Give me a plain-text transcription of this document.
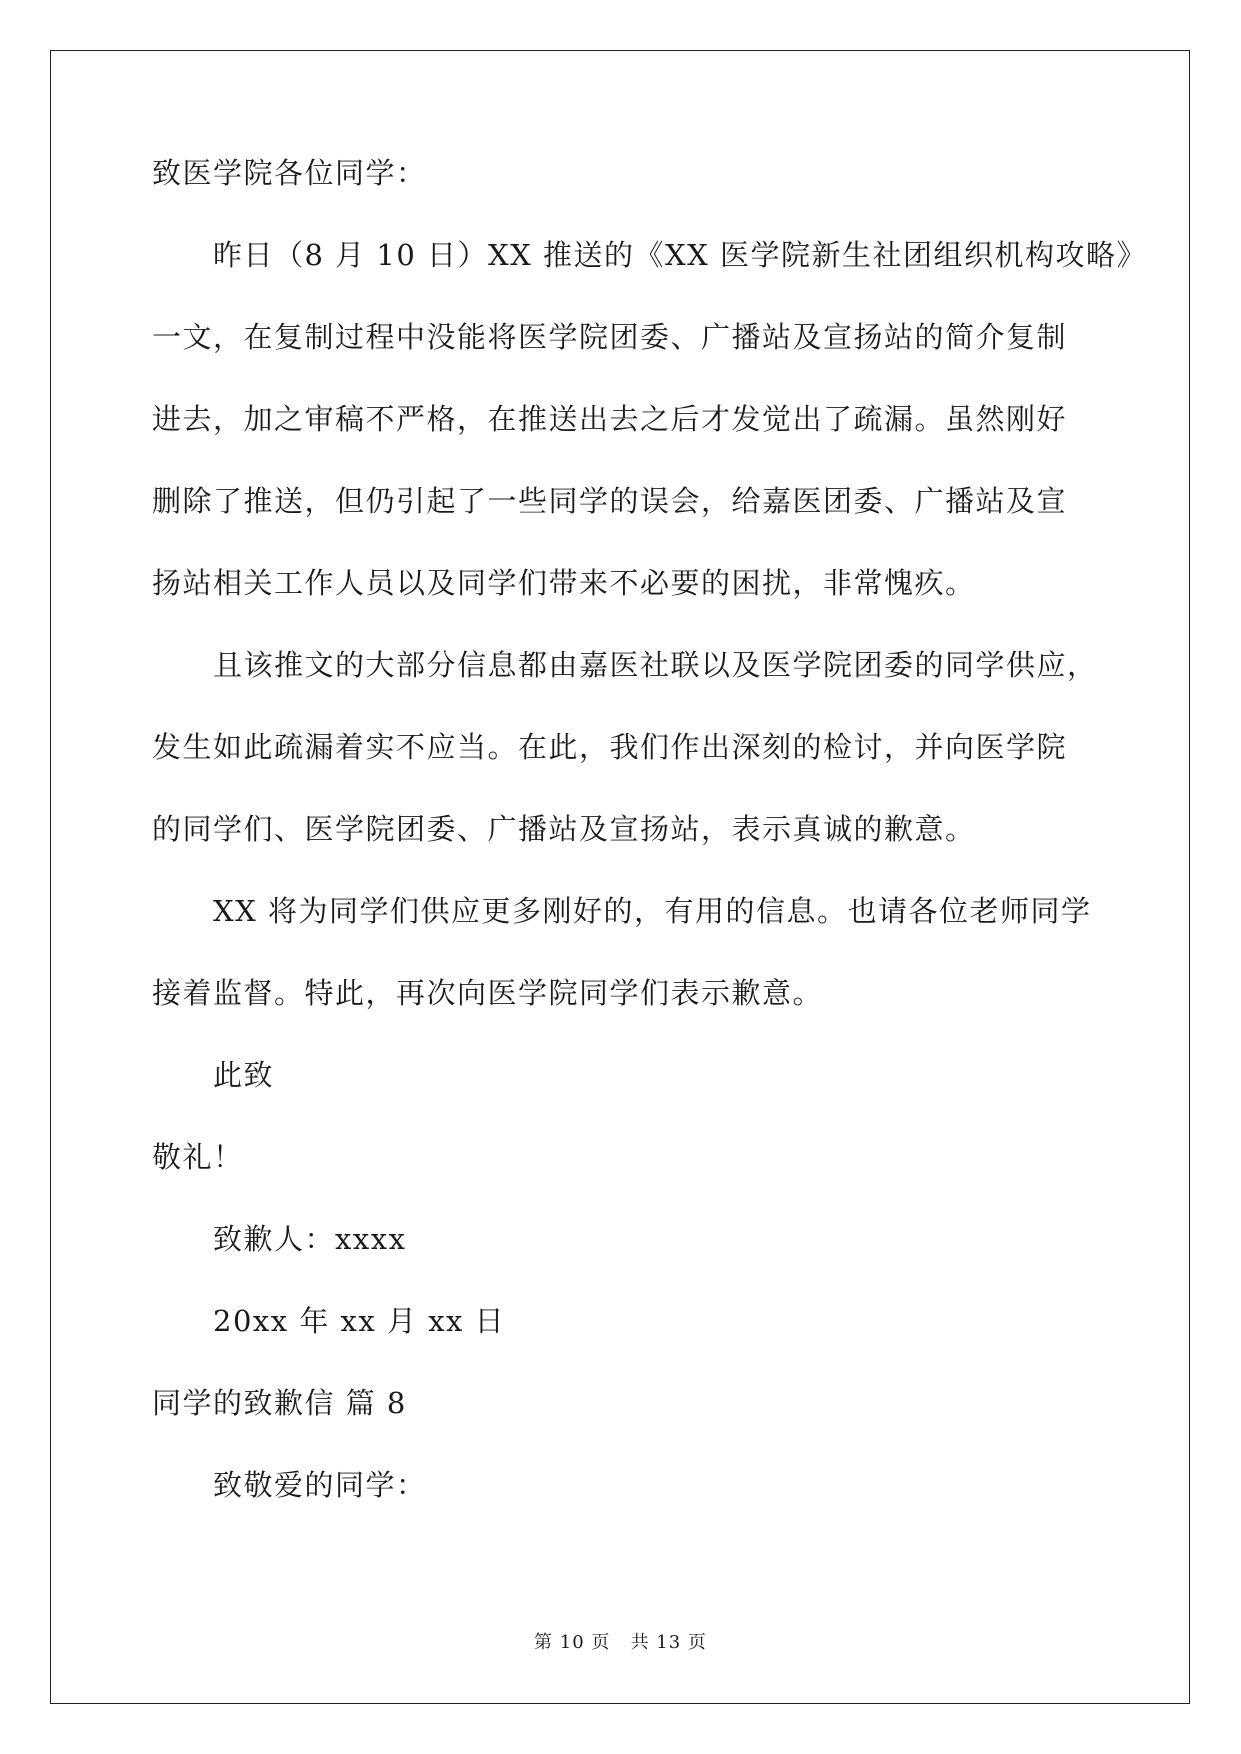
致医学院各位同学：
昨日（8 月 10 日）XX 推送的《XX 医学院新生社团组织机构攻略》
一文，在复制过程中没能将医学院团委、广播站及宣扬站的简介复制
进去，加之审稿不严格，在推送出去之后才发觉出了疏漏。虽然刚好
删除了推送，但仍引起了一些同学的误会，给嘉医团委、广播站及宣
扬站相关工作人员以及同学们带来不必要的困扰，非常愧疚。
且该推文的大部分信息都由嘉医社联以及医学院团委的同学供应，
发生如此疏漏着实不应当。在此，我们作出深刻的检讨，并向医学院
的同学们、医学院团委、广播站及宣扬站，表示真诚的歉意。
XX 将为同学们供应更多刚好的，有用的信息。也请各位老师同学
接着监督。特此，再次向医学院同学们表示歉意。
此致
敬礼！
致歉人：xxxx
20xx 年 xx 月 xx 日
同学的致歉信 篇 8
致敬爱的同学：
第 10 页 共 13 页
